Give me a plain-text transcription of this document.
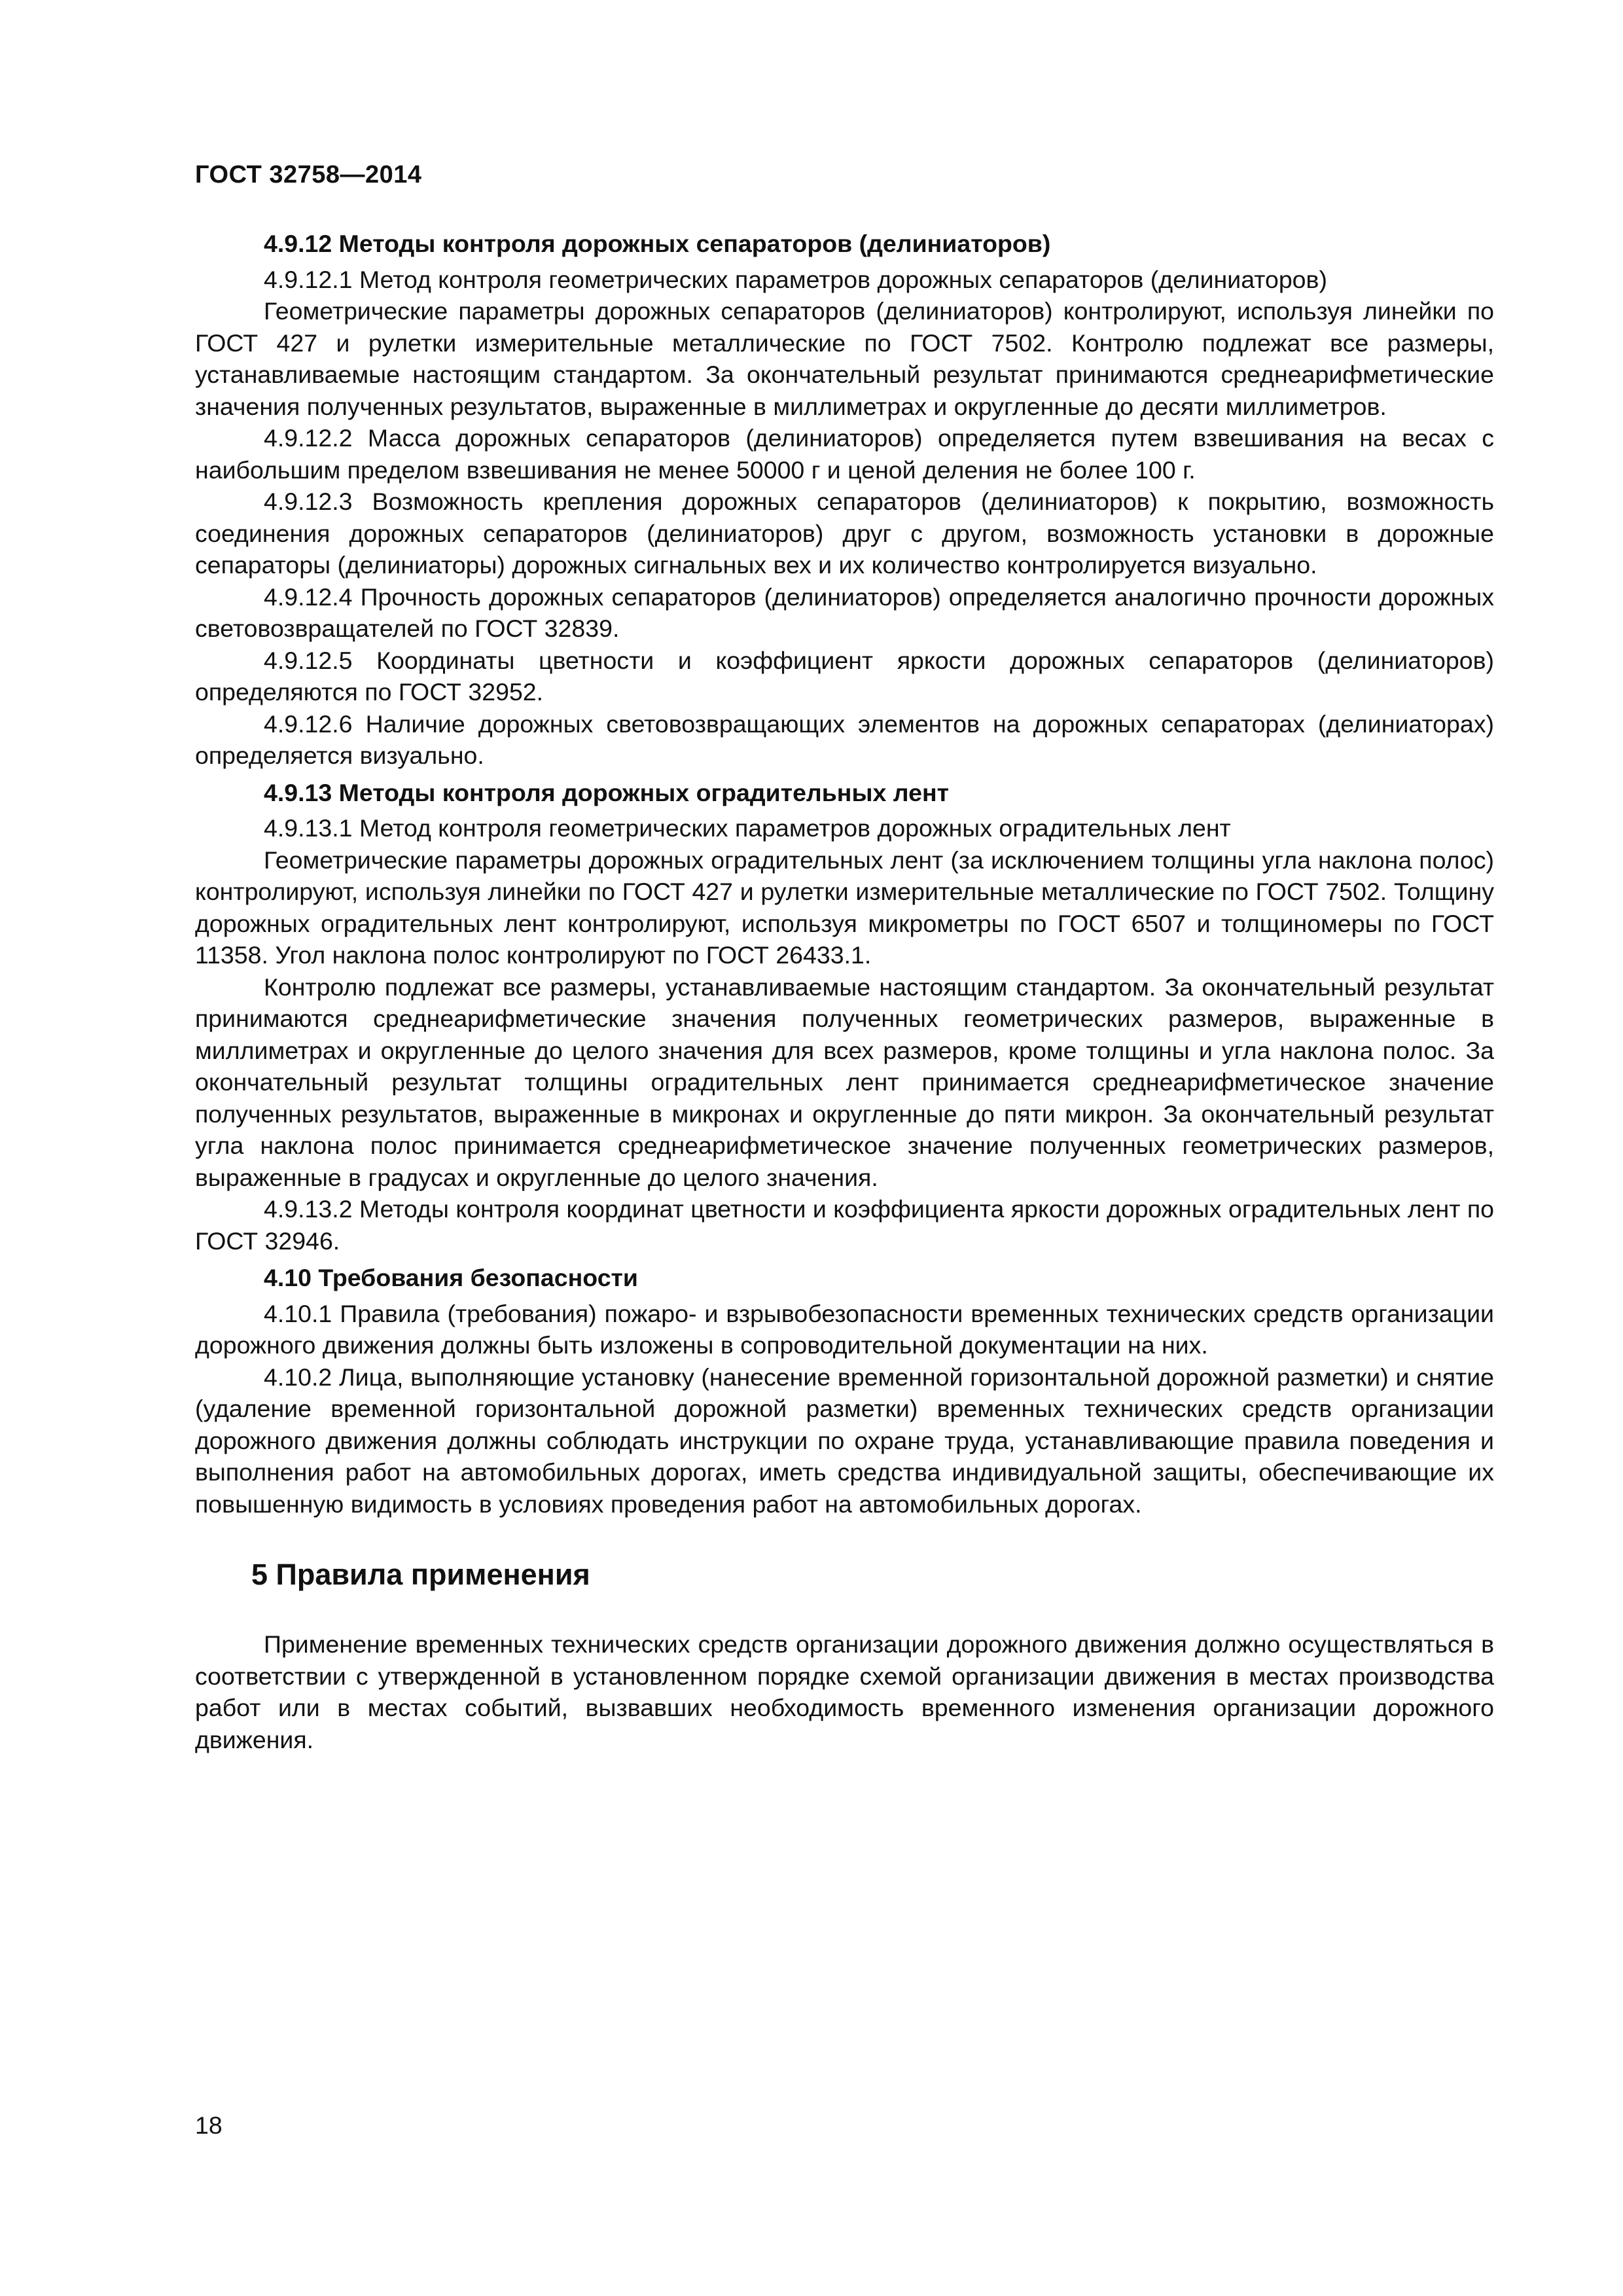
ГОСТ 32758—2014
4.9.12 Методы контроля дорожных сепараторов (делиниаторов)

4.9.12.1 Метод контроля геометрических параметров дорожных сепараторов (делиниаторов)

Геометрические параметры дорожных сепараторов (делиниаторов) контролируют, используя линейки по ГОСТ 427 и рулетки измерительные металлические по ГОСТ 7502. Контролю подлежат все размеры, устанавливаемые настоящим стандартом. За окончательный результат принимаются среднеарифметические значения полученных результатов, выраженные в миллиметрах и округленные до десяти миллиметров.

4.9.12.2 Масса дорожных сепараторов (делиниаторов) определяется путем взвешивания на весах с наибольшим пределом взвешивания не менее 50000 г и ценой деления не более 100 г.

4.9.12.3 Возможность крепления дорожных сепараторов (делиниаторов) к покрытию, возможность соединения дорожных сепараторов (делиниаторов) друг с другом, возможность установки в дорожные сепараторы (делиниаторы) дорожных сигнальных вех и их количество контролируется визуально.

4.9.12.4 Прочность дорожных сепараторов (делиниаторов) определяется аналогично прочности дорожных световозвращателей по ГОСТ 32839.

4.9.12.5 Координаты цветности и коэффициент яркости дорожных сепараторов (делиниаторов) определяются по ГОСТ 32952.

4.9.12.6 Наличие дорожных световозвращающих элементов на дорожных сепараторах (делиниаторах) определяется визуально.

4.9.13 Методы контроля дорожных оградительных лент

4.9.13.1 Метод контроля геометрических параметров дорожных оградительных лент

Геометрические параметры дорожных оградительных лент (за исключением толщины угла наклона полос) контролируют, используя линейки по ГОСТ 427 и рулетки измерительные металлические по ГОСТ 7502. Толщину дорожных оградительных лент контролируют, используя микрометры по ГОСТ 6507 и толщиномеры по ГОСТ 11358. Угол наклона полос контролируют по ГОСТ 26433.1.

Контролю подлежат все размеры, устанавливаемые настоящим стандартом. За окончательный результат принимаются среднеарифметические значения полученных геометрических размеров, выраженные в миллиметрах и округленные до целого значения для всех размеров, кроме толщины и угла наклона полос. За окончательный результат толщины оградительных лент принимается среднеарифметическое значение полученных результатов, выраженные в микронах и округленные до пяти микрон. За окончательный результат угла наклона полос принимается среднеарифметическое значение полученных геометрических размеров, выраженные в градусах и округленные до целого значения.

4.9.13.2 Методы контроля координат цветности и коэффициента яркости дорожных оградительных лент по ГОСТ 32946.

4.10 Требования безопасности

4.10.1 Правила (требования) пожаро- и взрывобезопасности временных технических средств организации дорожного движения должны быть изложены в сопроводительной документации на них.

4.10.2 Лица, выполняющие установку (нанесение временной горизонтальной дорожной разметки) и снятие (удаление временной горизонтальной дорожной разметки) временных технических средств организации дорожного движения должны соблюдать инструкции по охране труда, устанавливающие правила поведения и выполнения работ на автомобильных дорогах, иметь средства индивидуальной защиты, обеспечивающие их повышенную видимость в условиях проведения работ на автомобильных дорогах.

5 Правила применения

Применение временных технических средств организации дорожного движения должно осуществляться в соответствии с утвержденной в установленном порядке схемой организации движения в местах производства работ или в местах событий, вызвавших необходимость временного изменения организации дорожного движения.

18
